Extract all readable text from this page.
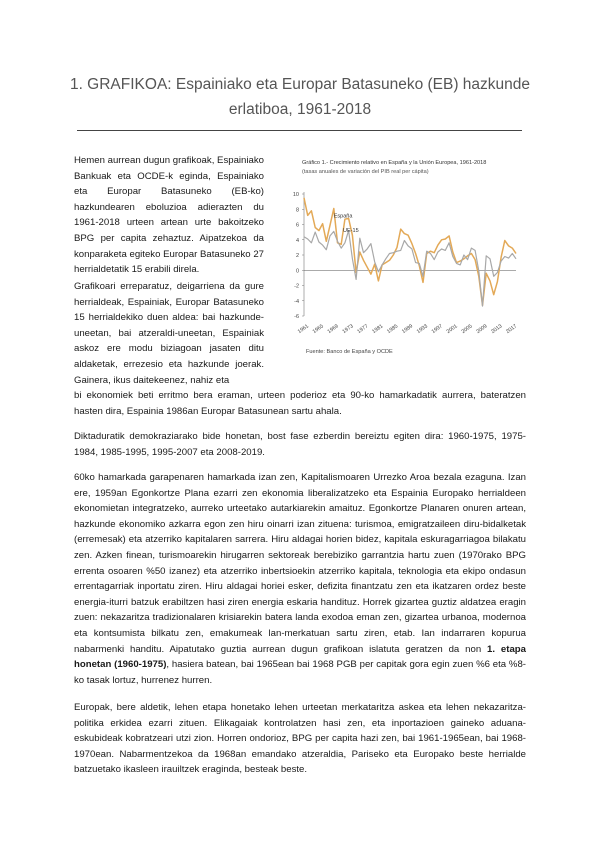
1. GRAFIKOA: Espainiako eta Europar Batasuneko (EB) hazkunde
erlatiboa, 1961-2018

Hemen aurrean dugun grafikoak, Espainiako Bankuak eta OCDE-k eginda, Espainiako eta Europar Batasuneko (EB-ko) hazkundearen eboluzioa adierazten du 1961-2018 urteen artean urte bakoitzeko BPG per capita zehaztuz. Aipatzekoa da konparaketa egiteko Europar Batasuneko 27 herrialdetatik 15 erabili direla.

Grafikoari erreparatuz, deigarriena da gure herrialdeak, Espainiak, Europar Batasuneko 15 herrialdekiko duen aldea: bai hazkunde-uneetan, bai atzeraldi-uneetan, Espainiak askoz ere modu biziagoan jasaten ditu aldaketak, errezesio eta hazkunde joerak. Gainera, ikus daitekeenez, nahiz eta

bi ekonomiek beti erritmo bera eraman, urteen poderioz eta 90-ko hamarkadatik aurrera, bateratzen hasten dira, Espainia 1986an Europar Batasunean sartu ahala.

Diktaduratik demokraziarako bide honetan, bost fase ezberdin bereiztu egiten dira: 1960-1975, 1975-1984, 1985-1995, 1995-2007 eta 2008-2019.

60ko hamarkada garapenaren hamarkada izan zen, Kapitalismoaren Urrezko Aroa bezala ezaguna. Izan ere, 1959an Egonkortze Plana ezarri zen ekonomia liberalizatzeko eta Espainia Europako herrialdeen ekonomietan integratzeko, aurreko urteetako autarkiarekin amaituz. Egonkortze Planaren onuren artean, hazkunde ekonomiko azkarra egon zen hiru oinarri izan zituena: turismoa, emigratzaileen diru-bidalketak (erremesak) eta atzerriko kapitalaren sarrera. Hiru aldagai horien bidez, kapitala eskuragarriagoa bilakatu zen. Azken finean, turismoarekin hirugarren sektoreak berebiziko garrantzia hartu zuen (1970rako BPG errenta osoaren %50 izanez) eta atzerriko inbertsioekin atzerriko kapitala, teknologia eta ekipo ondasun errentagarriak inportatu ziren. Hiru aldagai horiei esker, defizita finantzatu zen eta ikatzaren ordez beste energia-iturri batzuk erabiltzen hasi ziren energia eskaria handituz. Horrek gizartea guztiz aldatzea eragin zuen: nekazaritza tradizionalaren krisiarekin batera landa exodoa eman zen, gizartea urbanoa, modernoa eta kontsumista bilkatu zen, emakumeak lan-merkatuan sartu ziren, etab. Ian indarraren kopurua nabarmenki handitu. Aipatutako guztia aurrean dugun grafikoan islatuta geratzen da non 1. etapa honetan (1960-1975), hasiera batean, bai 1965ean bai 1968 PGB per capitak gora egin zuen %6 eta %8-ko tasak lortuz, hurrenez hurren.

Europak, bere aldetik, lehen etapa honetako lehen urteetan merkataritza askea eta lehen nekazaritza-politika erkidea ezarri zituen. Elikagaiak kontrolatzen hasi zen, eta inportazioen gaineko aduana-eskubideak kobratzeari utzi zion. Horren ondorioz, BPG per capita hazi zen, bai 1961-1965ean, bai 1968-1970ean. Nabarmentzekoa da 1968an emandako atzeraldia, Pariseko eta Europako beste herrialde batzuetako ikasleen irauiltzek eraginda, besteak beste.

Gráfico 1.- Crecimiento relativo en España y la Unión Europea, 1961-2018
(tasas anuales de variación del PIB real per cápita)
-6
-4
-2
0
2
4
6
8
10
1961 1965 1969 1973 1977 1981 1985 1989 1993 1997 2001 2005 2009 2013 2017
España
UE-15
Fuente: Banco de España y OCDE
